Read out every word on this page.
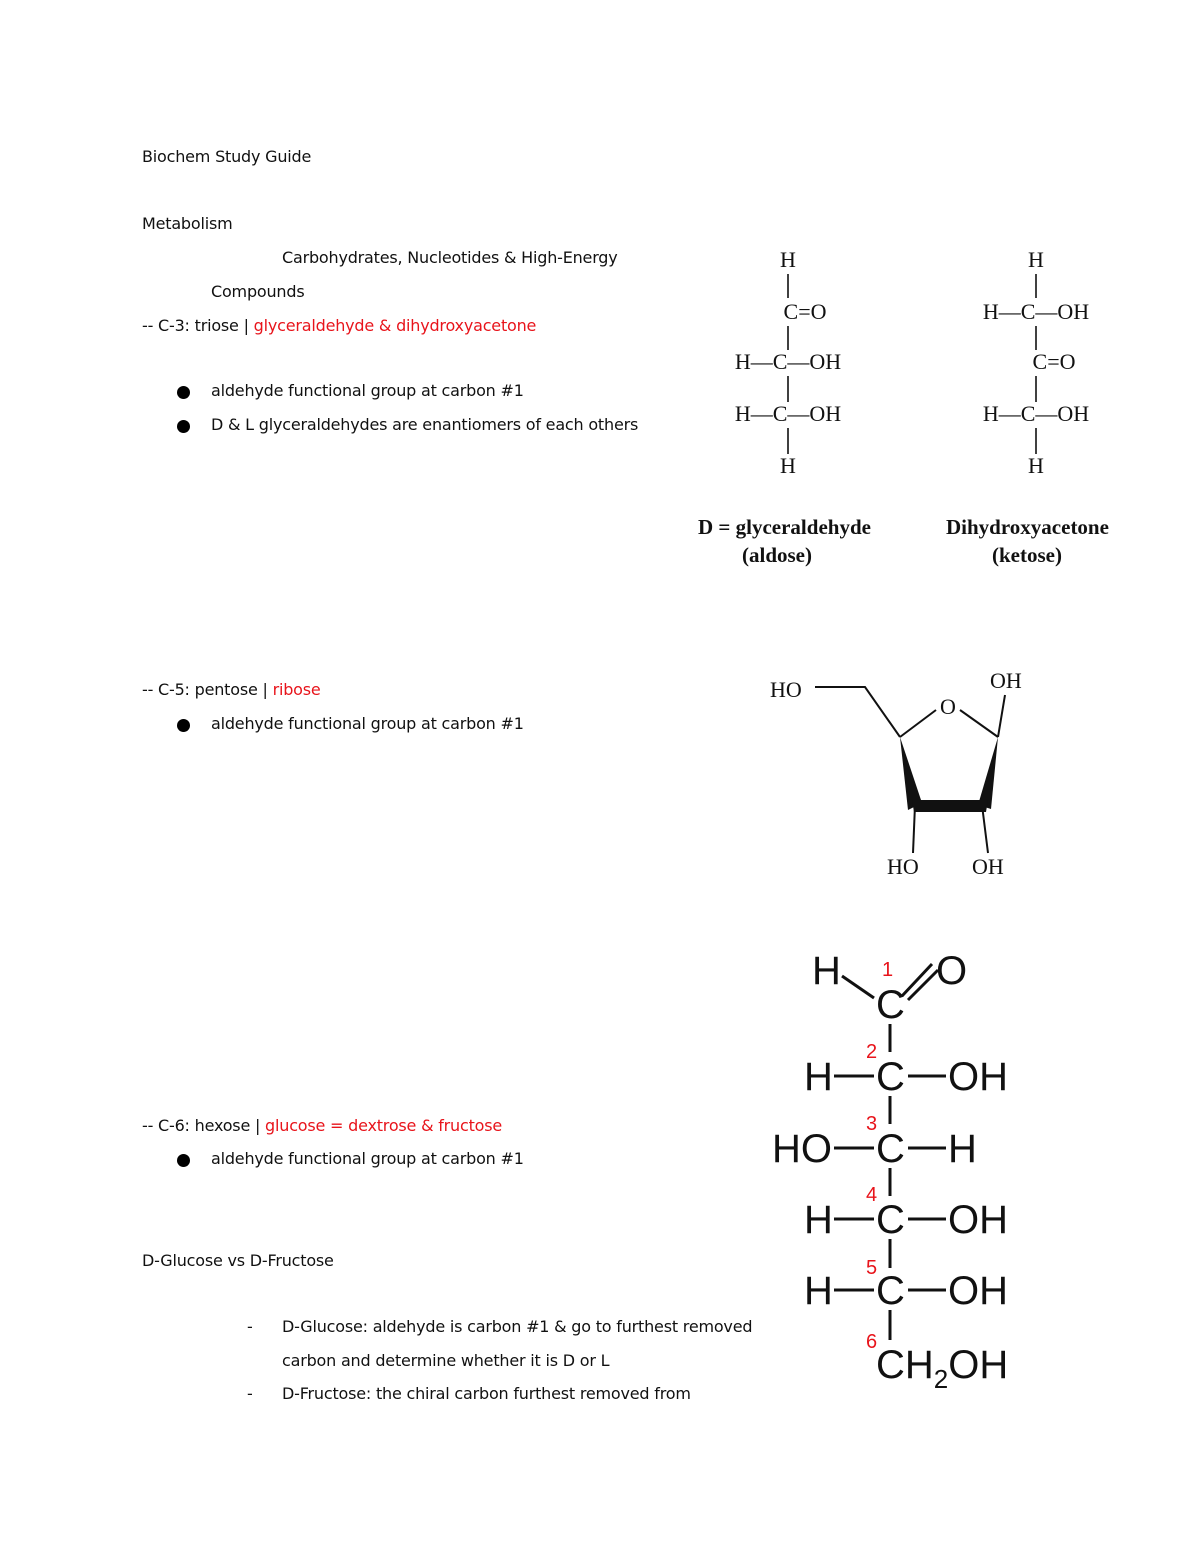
Biochem Study Guide
Metabolism
Carbohydrates, Nucleotides & High-Energy
Compounds
-- C-3: triose | glyceraldehyde & dihydroxyacetone
aldehyde functional group at carbon #1
D & L glyceraldehydes are enantiomers of each others
-- C-5: pentose | ribose
aldehyde functional group at carbon #1
-- C-6: hexose | glucose = dextrose & fructose
aldehyde functional group at carbon #1
D-Glucose vs D-Fructose
- D-Glucose: aldehyde is carbon #1 & go to furthest removed
carbon and determine whether it is D or L
- D-Fructose: the chiral carbon furthest removed from
H
C=O
H—C—OH
H—C—OH
H
H
H—C—OH
C=O
H—C—OH
H
D = glyceraldehyde
(aldose)
Dihydroxyacetone
(ketose)
HO	OH
O
HO OH
H O
C
H C OH
HO C H
H C OH
H C OH
$CH_2OH$
1
2
3
4
5
6
